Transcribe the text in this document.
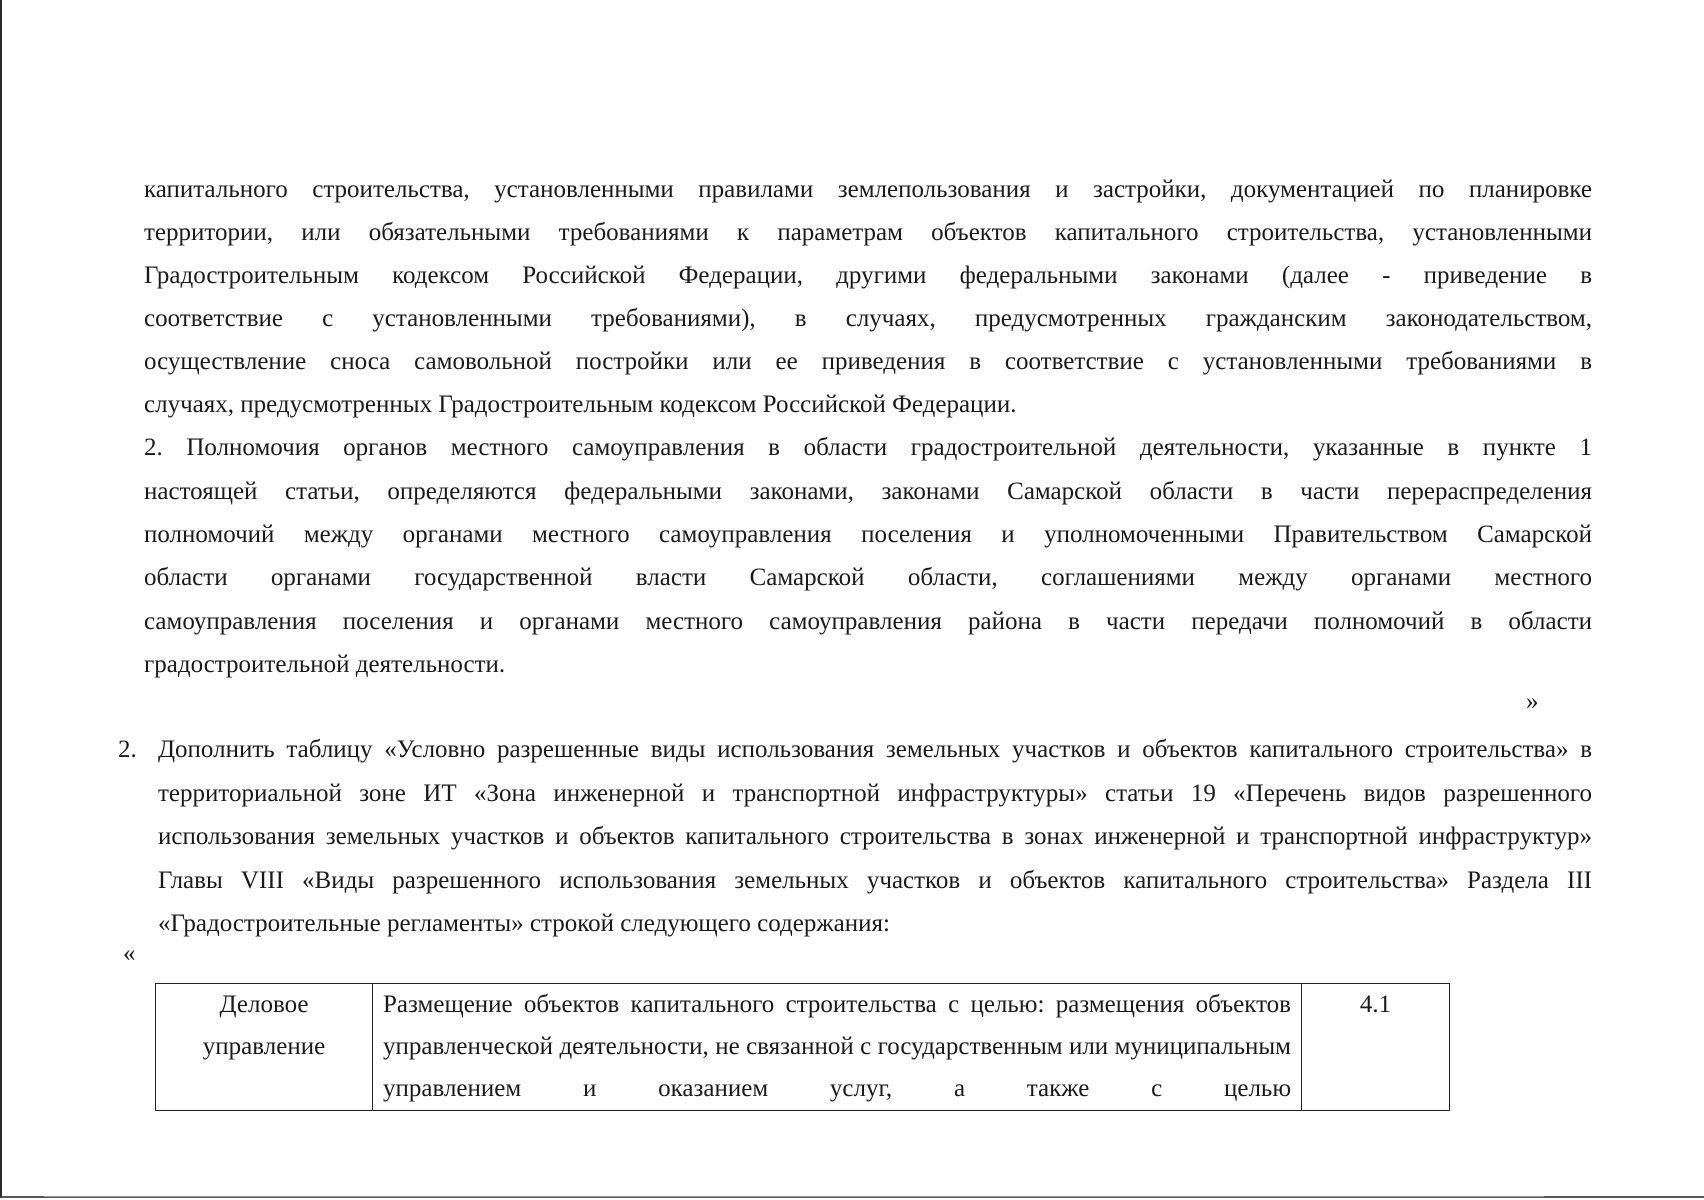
капитального строительства, установленными правилами землепользования и застройки, документацией по планировке

территории, или обязательными требованиями к параметрам объектов капитального строительства, установленными

Градостроительным кодексом Российской Федерации, другими федеральными законами (далее - приведение в

соответствие с установленными требованиями), в случаях, предусмотренных гражданским законодательством,

осуществление сноса самовольной постройки или ее приведения в соответствие с установленными требованиями в

случаях, предусмотренных Градостроительным кодексом Российской Федерации.

2. Полномочия органов местного самоуправления в области градостроительной деятельности, указанные в пункте 1

настоящей статьи, определяются федеральными законами, законами Самарской области в части перераспределения

полномочий между органами местного самоуправления поселения и уполномоченными Правительством Самарской

области органами государственной власти Самарской области, соглашениями между органами местного

самоуправления поселения и органами местного самоуправления района в части передачи полномочий в области

градостроительной деятельности.

»
2. Дополнить таблицу «Условно разрешенные виды использования земельных участков и объектов капитального строительства» в территориальной зоне ИТ «Зона инженерной и транспортной инфраструктуры» статьи 19 «Перечень видов разрешенного использования земельных участков и объектов капитального строительства в зонах инженерной и транспортной инфраструктур» Главы VIII «Виды разрешенного использования земельных участков и объектов капитального строительства» Раздела III «Градостроительные регламенты» строкой следующего содержания:

«
Деловое управление	Размещение объектов капитального строительства с целью: размещения объектов управленческой деятельности, не связанной с государственным или муниципальным управлением и оказанием услуг, а также с целью	4.1
